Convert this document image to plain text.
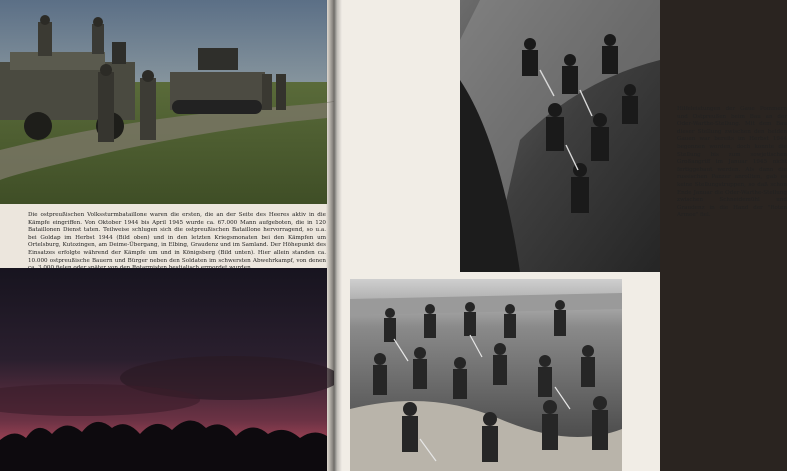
Die ostpreußischen Volkssturmbataillone waren die ersten, die an der Seite des Heeres aktiv in die Kämpfe eingriffen. Von Oktober 1944 bis April 1945 wurde ca. 67.000 Mann aufgeboten, die in 120 Bataillonen Dienst taten. Teilweise schlugen sich die ostpreußischen Bataillone hervorragend, so u.a. bei Goldap im Herbst 1944 (Bild oben) und in den letzten Kriegsmonaten bei den Kämpfen um Ortelsburg, Kutozingen, am Deime-Übergang, in Elbing, Graudenz und im Samland. Der Höhepunkt des Einsatzes erfolgte während der Kämpfe um und in Königsberg (Bild unten). Hier allein standen ca. 10.000 ostpreußische Bauern und Bürger neben den Soldaten im schwersten Abwehrkampf, von denen
Hilfeleistungen der Gaue Pommern und Ostpreußen beim Bau an der Oder-Warthe-Stellung. Mit dem Bau dieser Stellung zwischen den beiden Gauen war bereits im Herbst 1944 begonnen worden, doch konnte die Stellung bis zum sowjetischen Großangriff im Januar 1945 nicht fertiggebaut werden. Als dann die russischen Panzer anrollten, gab es keine Stellungstruppen, so daß schon Ende Januar die Oder-Warthe-Stellung zwischen Schneidemühl und Graudenz in die Hand der "Roten Armee" fiel.
